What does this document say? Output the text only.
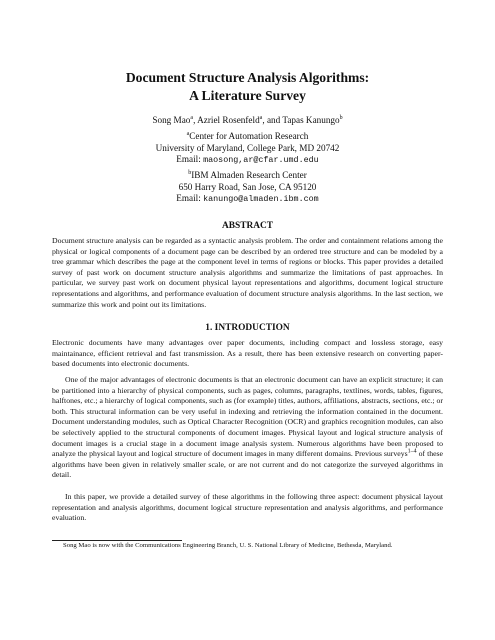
Document Structure Analysis Algorithms:
A Literature Survey
Song Mao$^a$, Azriel Rosenfeld$^a$, and Tapas Kanungo$^b$
$^a$Center for Automation Research
University of Maryland, College Park, MD 20742
Email: maosong,ar@cfar.umd.edu
$^b$IBM Almaden Research Center
650 Harry Road, San Jose, CA 95120
Email: kanungo@almaden.ibm.com
ABSTRACT

Document structure analysis can be regarded as a syntactic analysis problem. The order and containment relations among the physical or logical components of a document page can be described by an ordered tree structure and can be modeled by a tree grammar which describes the page at the component level in terms of regions or blocks. This paper provides a detailed survey of past work on document structure analysis algorithms and summarize the limitations of past approaches. In particular, we survey past work on document physical layout representations and algorithms, document logical structure representations and algorithms, and performance evaluation of document structure analysis algorithms. In the last section, we summarize this work and point out its limitations.

1. INTRODUCTION

Electronic documents have many advantages over paper documents, including compact and lossless storage, easy maintainance, efficient retrieval and fast transmission. As a result, there has been extensive research on converting paper-based documents into electronic documents.

One of the major advantages of electronic documents is that an electronic document can have an explicit structure; it can be partitioned into a hierarchy of physical components, such as pages, columns, paragraphs, textlines, words, tables, figures, halftones, etc.; a hierarchy of logical components, such as (for example) titles, authors, affiliations, abstracts, sections, etc.; or both. This structural information can be very useful in indexing and retrieving the information contained in the document. Document understanding modules, such as Optical Character Recognition (OCR) and graphics recognition modules, can also be selectively applied to the structural components of document images. Physical layout and logical structure analysis of document images is a crucial stage in a document image analysis system. Numerous algorithms have been proposed to analyze the physical layout and logical structure of document images in many different domains. Previous surveys$^{1-4}$ of these algorithms have been given in relatively smaller scale, or are not current and do not categorize the surveyed algorithms in detail.

In this paper, we provide a detailed survey of these algorithms in the following three aspect: document physical layout representation and analysis algorithms, document logical structure representation and analysis algorithms, and performance evaluation.

Song Mao is now with the Communications Engineering Branch, U. S. National Library of Medicine, Bethesda, Maryland.
